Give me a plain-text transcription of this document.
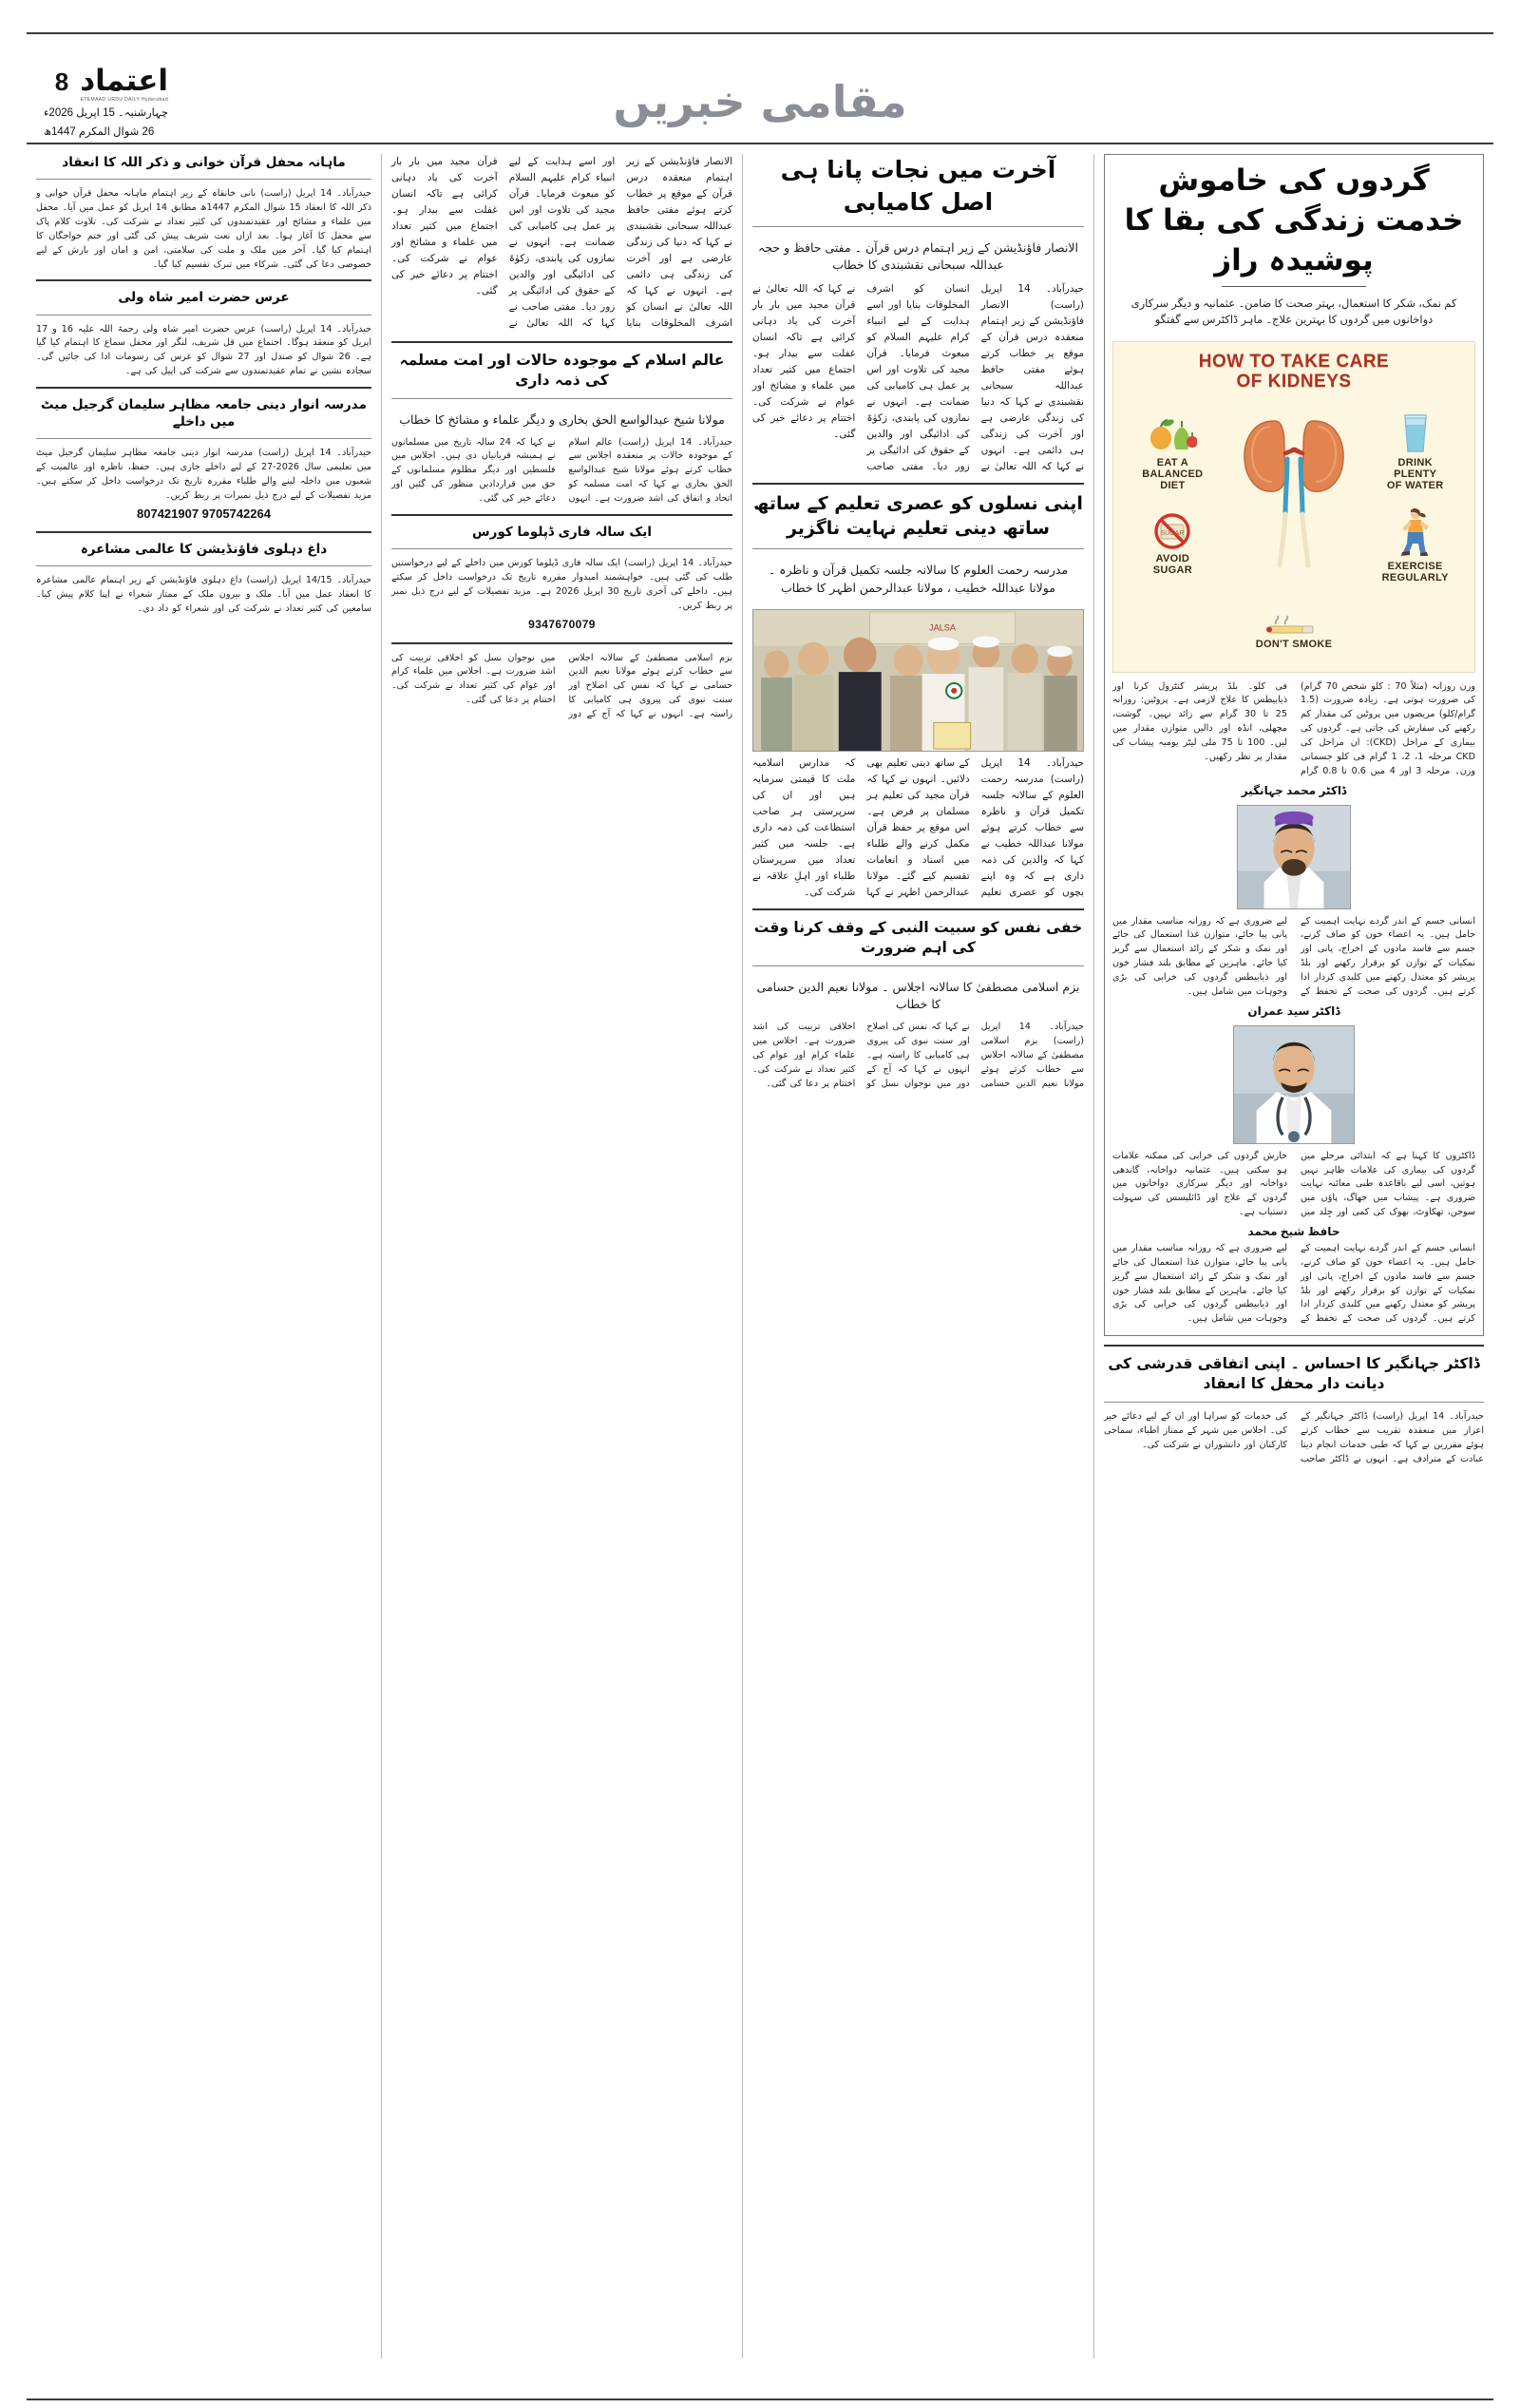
اعتماد
8
ETEMAAD URDU DAILY Hyderabad
چہارشنبہ۔ 15 اپریل 2026ء
26 شوال المکرم 1447ھ
مقامی خبریں
گردوں کی خاموش خدمت زندگی کی بقا کا پوشیدہ راز
کم نمک، شکر کا استعمال، بہتر صحت کا ضامن۔ عثمانیہ و دیگر سرکاری دواخانوں میں گردوں کا بہترین علاج۔ ماہر ڈاکٹرس سے گفتگو
HOW TO TAKE CARE
OF KIDNEYS
DRINK
PLENTY
OF WATER
EXERCISE
REGULARLY
EAT A
BALANCED
DIET
SUGAR
AVOID
SUGAR
DON'T SMOKE
وزن روزانہ (مثلاً 70 : کلو شخص 70 گرام) کی ضرورت ہوتی ہے۔ زیادہ ضرورت (1.5 گرام/کلو) مریضوں میں پروٹین کی مقدار کم رکھنے کی سفارش کی جاتی ہے۔ گردوں کی بیماری کے مراحل (CKD): ان مراحل کی CKD مرحلہ 1، 2، 1 گرام فی کلو جسمانی وزن۔ مرحلہ 3 اور 4 میں 0.6 تا 0.8 گرام فی کلو۔ بلڈ پریشر کنٹرول کرنا اور ذیابیطس کا علاج لازمی ہے۔ پروٹین: روزانہ 25 تا 30 گرام سے زائد نہیں۔ گوشت، مچھلی، انڈہ اور دالیں متوازن مقدار میں لیں۔ 100 تا 75 ملی لیٹر یومیہ پیشاب کی مقدار پر نظر رکھیں۔
ڈاکٹر محمد جہانگیر
انسانی جسم کے اندر گردے نہایت اہمیت کے حامل ہیں۔ یہ اعضاء خون کو صاف کرنے، جسم سے فاسد مادوں کے اخراج، پانی اور نمکیات کے توازن کو برقرار رکھنے اور بلڈ پریشر کو معتدل رکھنے میں کلیدی کردار ادا کرتے ہیں۔ گردوں کی صحت کے تحفظ کے لیے ضروری ہے کہ روزانہ مناسب مقدار میں پانی پیا جائے، متوازن غذا استعمال کی جائے اور نمک و شکر کے زائد استعمال سے گریز کیا جائے۔ ماہرین کے مطابق بلند فشار خون اور ذیابیطس گردوں کی خرابی کی بڑی وجوہات میں شامل ہیں۔
ڈاکٹر سید عمران
ڈاکٹروں کا کہنا ہے کہ ابتدائی مرحلے میں گردوں کی بیماری کی علامات ظاہر نہیں ہوتیں، اسی لیے باقاعدہ طبی معائنہ نہایت ضروری ہے۔ پیشاب میں جھاگ، پاؤں میں سوجن، تھکاوٹ، بھوک کی کمی اور جِلد میں خارش گردوں کی خرابی کی ممکنہ علامات ہو سکتی ہیں۔ عثمانیہ دواخانہ، گاندھی دواخانہ اور دیگر سرکاری دواخانوں میں گردوں کے علاج اور ڈائلیسس کی سہولت دستیاب ہے۔
حافظ شیخ محمد
انسانی جسم کے اندر گردے نہایت اہمیت کے حامل ہیں۔ یہ اعضاء خون کو صاف کرنے، جسم سے فاسد مادوں کے اخراج، پانی اور نمکیات کے توازن کو برقرار رکھنے اور بلڈ پریشر کو معتدل رکھنے میں کلیدی کردار ادا کرتے ہیں۔ گردوں کی صحت کے تحفظ کے لیے ضروری ہے کہ روزانہ مناسب مقدار میں پانی پیا جائے، متوازن غذا استعمال کی جائے اور نمک و شکر کے زائد استعمال سے گریز کیا جائے۔ ماہرین کے مطابق بلند فشار خون اور ذیابیطس گردوں کی خرابی کی بڑی وجوہات میں شامل ہیں۔
ڈاکٹر جہانگیر کا احساس ۔ اپنی اتفاقی قدرشی کی دیانت دار محفل کا انعقاد
حیدرآباد۔ 14 اپریل (راست) ڈاکٹر جہانگیر کے اعزاز میں منعقدہ تقریب سے خطاب کرتے ہوئے مقررین نے کہا کہ طبی خدمات انجام دینا عبادت کے مترادف ہے۔ انہوں نے ڈاکٹر صاحب کی خدمات کو سراہا اور ان کے لیے دعائے خیر کی۔ اجلاس میں شہر کے ممتاز اطباء، سماجی کارکنان اور دانشوران نے شرکت کی۔
آخرت میں نجات پانا ہی اصل کامیابی
الانصار فاؤنڈیشن کے زیر اہتمام درس قرآن ۔ مفتی حافظ و حجہ عبداللہ سبحانی نقشبندی کا خطاب
حیدرآباد۔ 14 اپریل (راست) الانصار فاؤنڈیشن کے زیر اہتمام منعقدہ درس قرآن کے موقع پر خطاب کرتے ہوئے مفتی حافظ عبداللہ سبحانی نقشبندی نے کہا کہ دنیا کی زندگی عارضی ہے اور آخرت کی زندگی ہی دائمی ہے۔ انہوں نے کہا کہ اللہ تعالیٰ نے انسان کو اشرف المخلوقات بنایا اور اسے ہدایت کے لیے انبیاء کرام علیہم السلام کو مبعوث فرمایا۔ قرآن مجید کی تلاوت اور اس پر عمل ہی کامیابی کی ضمانت ہے۔ انہوں نے نمازوں کی پابندی، زکوٰۃ کی ادائیگی اور والدین کے حقوق کی ادائیگی پر زور دیا۔ مفتی صاحب نے کہا کہ اللہ تعالیٰ نے قرآن مجید میں بار بار آخرت کی یاد دہانی کرائی ہے تاکہ انسان غفلت سے بیدار ہو۔ اجتماع میں کثیر تعداد میں علماء و مشائخ اور عوام نے شرکت کی۔ اختتام پر دعائے خیر کی گئی۔
اپنی نسلوں کو عصری تعلیم کے ساتھ ساتھ دینی تعلیم نہایت ناگزیر
مدرسہ رحمت العلوم کا سالانہ جلسہ تکمیل قرآن و ناظرہ ۔ مولانا عبداللہ خطیب ، مولانا عبدالرحمن اظہر کا خطاب
JALSA
حیدرآباد۔ 14 اپریل (راست) مدرسہ رحمت العلوم کے سالانہ جلسہ تکمیل قرآن و ناظرہ سے خطاب کرتے ہوئے مولانا عبداللہ خطیب نے کہا کہ والدین کی ذمہ داری ہے کہ وہ اپنے بچوں کو عصری تعلیم کے ساتھ دینی تعلیم بھی دلائیں۔ انہوں نے کہا کہ قرآن مجید کی تعلیم ہر مسلمان پر فرض ہے۔ اس موقع پر حفظ قرآن مکمل کرنے والے طلباء میں اسناد و انعامات تقسیم کیے گئے۔ مولانا عبدالرحمن اظہر نے کہا کہ مدارس اسلامیہ ملت کا قیمتی سرمایہ ہیں اور ان کی سرپرستی ہر صاحب استطاعت کی ذمہ داری ہے۔ جلسہ میں کثیر تعداد میں سرپرستان طلباء اور اہلِ علاقہ نے شرکت کی۔
خفی نفس کو سبیت النبی کے وقف کرنا وقت کی اہم ضرورت
بزم اسلامی مصطفیٰ کا سالانہ اجلاس ۔ مولانا نعیم الدین حسامی کا خطاب
حیدرآباد۔ 14 اپریل (راست) بزم اسلامی مصطفیٰ کے سالانہ اجلاس سے خطاب کرتے ہوئے مولانا نعیم الدین حسامی نے کہا کہ نفس کی اصلاح اور سنت نبوی کی پیروی ہی کامیابی کا راستہ ہے۔ انہوں نے کہا کہ آج کے دور میں نوجوان نسل کو اخلاقی تربیت کی اشد ضرورت ہے۔ اجلاس میں علماء کرام اور عوام کی کثیر تعداد نے شرکت کی۔ اختتام پر دعا کی گئی۔
الانصار فاؤنڈیشن کے زیر اہتمام منعقدہ درس قرآن کے موقع پر خطاب کرتے ہوئے مفتی حافظ عبداللہ سبحانی نقشبندی نے کہا کہ دنیا کی زندگی عارضی ہے اور آخرت کی زندگی ہی دائمی ہے۔ انہوں نے کہا کہ اللہ تعالیٰ نے انسان کو اشرف المخلوقات بنایا اور اسے ہدایت کے لیے انبیاء کرام علیہم السلام کو مبعوث فرمایا۔ قرآن مجید کی تلاوت اور اس پر عمل ہی کامیابی کی ضمانت ہے۔ انہوں نے نمازوں کی پابندی، زکوٰۃ کی ادائیگی اور والدین کے حقوق کی ادائیگی پر زور دیا۔ مفتی صاحب نے کہا کہ اللہ تعالیٰ نے قرآن مجید میں بار بار آخرت کی یاد دہانی کرائی ہے تاکہ انسان غفلت سے بیدار ہو۔ اجتماع میں کثیر تعداد میں علماء و مشائخ اور عوام نے شرکت کی۔ اختتام پر دعائے خیر کی گئی۔
عالم اسلام کے موجودہ حالات اور امت مسلمہ کی ذمہ داری
مولانا شیخ عبدالواسع الحق بخاری و دیگر علماء و مشائخ کا خطاب
حیدرآباد۔ 14 اپریل (راست) عالم اسلام کے موجودہ حالات پر منعقدہ اجلاس سے خطاب کرتے ہوئے مولانا شیخ عبدالواسع الحق بخاری نے کہا کہ امت مسلمہ کو اتحاد و اتفاق کی اشد ضرورت ہے۔ انہوں نے کہا کہ 24 سالہ تاریخ میں مسلمانوں نے ہمیشہ قربانیاں دی ہیں۔ اجلاس میں فلسطین اور دیگر مظلوم مسلمانوں کے حق میں قراردادیں منظور کی گئیں اور دعائے خیر کی گئی۔
ایک سالہ فاری ڈپلوما کورس
حیدرآباد۔ 14 اپریل (راست) ایک سالہ فاری ڈپلوما کورس میں داخلے کے لیے درخواستیں طلب کی گئی ہیں۔ خواہشمند امیدوار مقررہ تاریخ تک درخواست داخل کر سکتے ہیں۔ داخلے کی آخری تاریخ 30 اپریل 2026 ہے۔ مزید تفصیلات کے لیے درج ذیل نمبر پر ربط کریں۔
9347670079
بزم اسلامی مصطفیٰ کے سالانہ اجلاس سے خطاب کرتے ہوئے مولانا نعیم الدین حسامی نے کہا کہ نفس کی اصلاح اور سنت نبوی کی پیروی ہی کامیابی کا راستہ ہے۔ انہوں نے کہا کہ آج کے دور میں نوجوان نسل کو اخلاقی تربیت کی اشد ضرورت ہے۔ اجلاس میں علماء کرام اور عوام کی کثیر تعداد نے شرکت کی۔ اختتام پر دعا کی گئی۔
ماہانہ محفل قرآن خوانی و ذکر اللہ کا انعقاد
حیدرآباد۔ 14 اپریل (راست) بانی خانقاہ کے زیر اہتمام ماہانہ محفل قرآن خوانی و ذکر اللہ کا انعقاد 15 شوال المکرم 1447ھ مطابق 14 اپریل کو عمل میں آیا۔ محفل میں علماء و مشائخ اور عقیدتمندوں کی کثیر تعداد نے شرکت کی۔ تلاوت کلام پاک سے محفل کا آغاز ہوا۔ بعد ازاں نعت شریف پیش کی گئی اور ختم خواجگان کا اہتمام کیا گیا۔ آخر میں ملک و ملت کی سلامتی، امن و امان اور بارش کے لیے خصوصی دعا کی گئی۔ شرکاء میں تبرک تقسیم کیا گیا۔
عرس حضرت امیر شاہ ولی
حیدرآباد۔ 14 اپریل (راست) عرس حضرت امیر شاہ ولی رحمۃ اللہ علیہ 16 و 17 اپریل کو منعقد ہوگا۔ اجتماع میں قل شریف، لنگر اور محفل سماع کا اہتمام کیا گیا ہے۔ 26 شوال کو صندل اور 27 شوال کو عرس کی رسومات ادا کی جائیں گی۔ سجادہ نشین نے تمام عقیدتمندوں سے شرکت کی اپیل کی ہے۔
مدرسہ انوار دینی جامعہ مظاہر سلیمان گرجیل میٹ میں داخلے
حیدرآباد۔ 14 اپریل (راست) مدرسہ انوار دینی جامعہ مظاہر سلیمان گرجیل میٹ میں تعلیمی سال 2026-27 کے لیے داخلے جاری ہیں۔ حفظ، ناظرہ اور عالمیت کے شعبوں میں داخلہ لینے والے طلباء مقررہ تاریخ تک درخواست داخل کر سکتے ہیں۔ مزید تفصیلات کے لیے درج ذیل نمبرات پر ربط کریں۔
807421907 9705742264
داغ دہلوی فاؤنڈیشن کا عالمی مشاعرہ
حیدرآباد۔ 14/15 اپریل (راست) داغ دہلوی فاؤنڈیشن کے زیر اہتمام عالمی مشاعرہ کا انعقاد عمل میں آیا۔ ملک و بیرون ملک کے ممتاز شعراء نے اپنا کلام پیش کیا۔ سامعین کی کثیر تعداد نے شرکت کی اور شعراء کو داد دی۔
